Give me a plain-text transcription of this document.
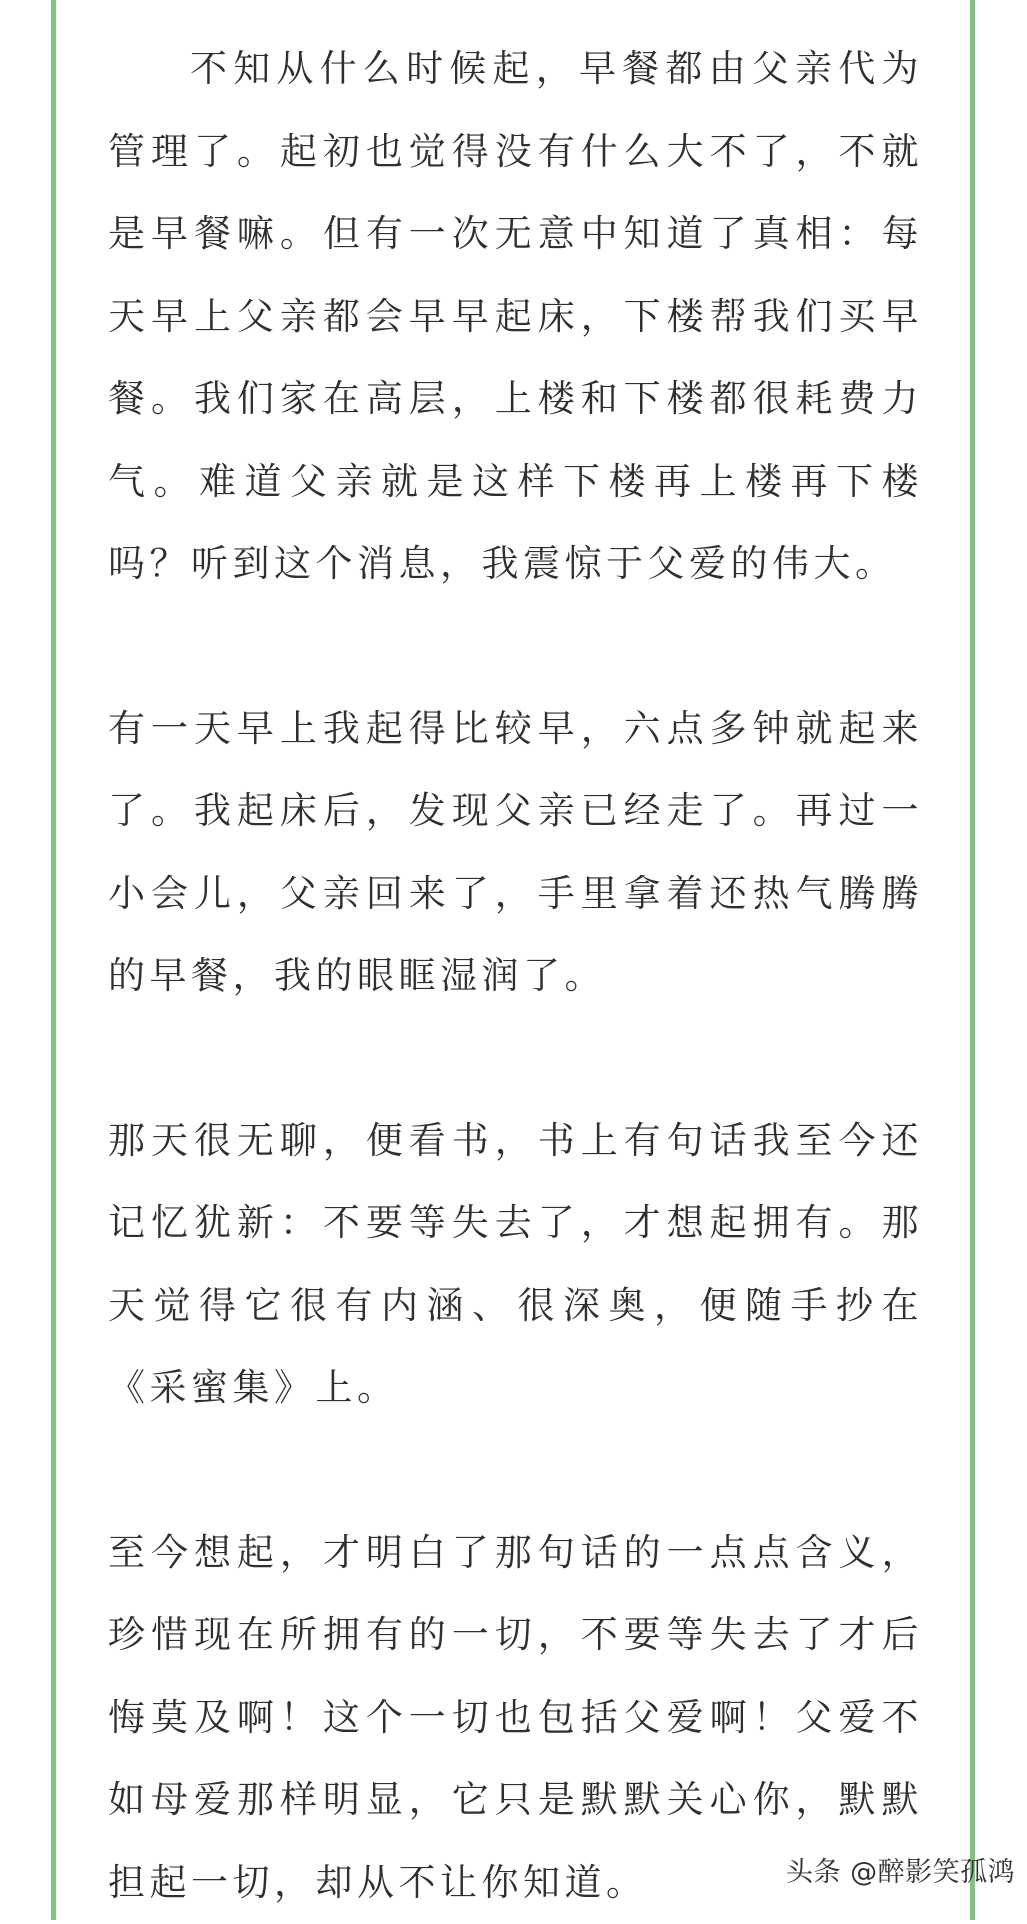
不知从什么时候起，早餐都由父亲代为管理了。起初也觉得没有什么大不了，不就是早餐嘛。但有一次无意中知道了真相：每天早上父亲都会早早起床，下楼帮我们买早餐。我们家在高层，上楼和下楼都很耗费力气。难道父亲就是这样下楼再上楼再下楼吗？听到这个消息，我震惊于父爱的伟大。

有一天早上我起得比较早，六点多钟就起来了。我起床后，发现父亲已经走了。再过一小会儿，父亲回来了，手里拿着还热气腾腾的早餐，我的眼眶湿润了。

那天很无聊，便看书，书上有句话我至今还记忆犹新：不要等失去了，才想起拥有。那天觉得它很有内涵、很深奥，便随手抄在《采蜜集》上。

至今想起，才明白了那句话的一点点含义，珍惜现在所拥有的一切，不要等失去了才后悔莫及啊！这个一切也包括父爱啊！父爱不如母爱那样明显，它只是默默关心你，默默担起一切，却从不让你知道。	头条 @醉影笑孤鸿
